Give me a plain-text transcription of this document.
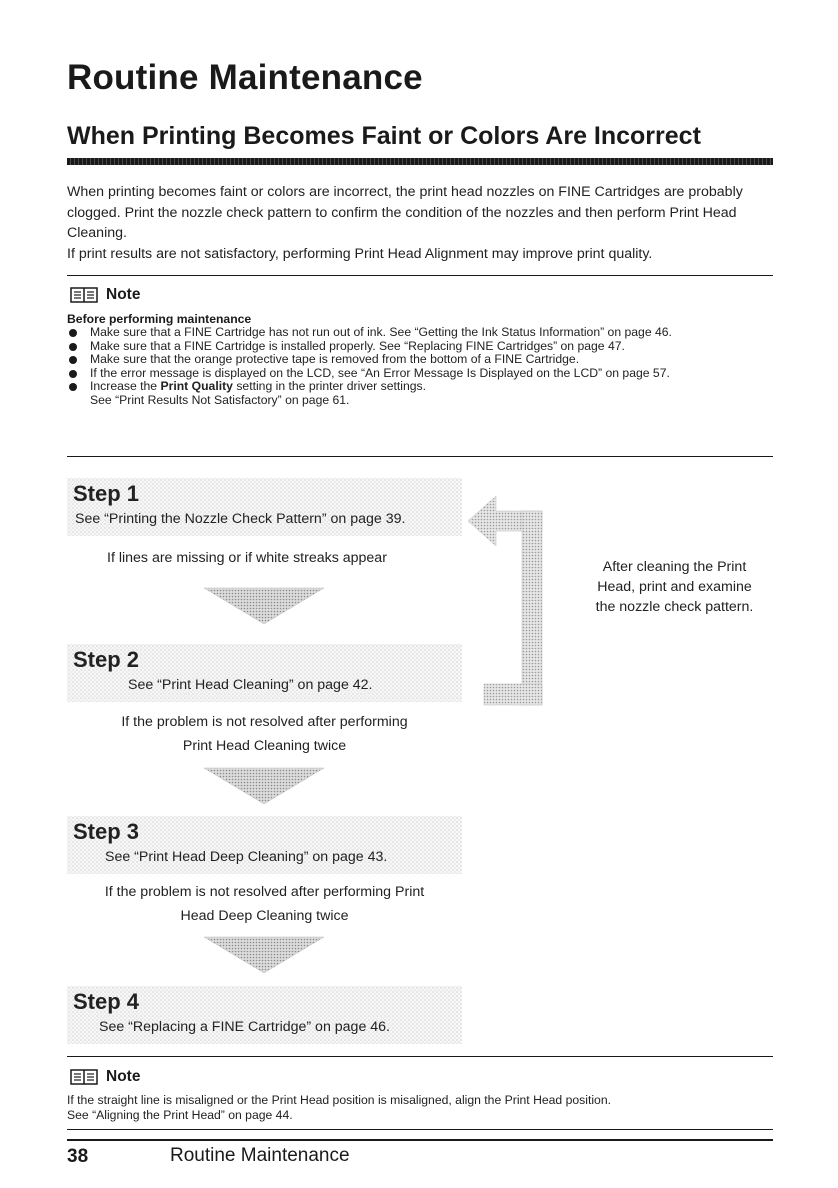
Routine Maintenance
When Printing Becomes Faint or Colors Are Incorrect

When printing becomes faint or colors are incorrect, the print head nozzles on FINE Cartridges are probably clogged. Print the nozzle check pattern to confirm the condition of the nozzles and then perform Print Head Cleaning.

If print results are not satisfactory, performing Print Head Alignment may improve print quality.

Note
Before performing maintenance
Make sure that a FINE Cartridge has not run out of ink. See “Getting the Ink Status Information” on page 46.
Make sure that a FINE Cartridge is installed properly. See “Replacing FINE Cartridges” on page 47.
Make sure that the orange protective tape is removed from the bottom of a FINE Cartridge.
If the error message is displayed on the LCD, see “An Error Message Is Displayed on the LCD” on page 57.
Increase the Print Quality setting in the printer driver settings.
See “Print Results Not Satisfactory” on page 61.
Step 1
See “Printing the Nozzle Check Pattern” on page 39.
If lines are missing or if white streaks appear
Step 2
See “Print Head Cleaning” on page 42.
If the problem is not resolved after performing
Print Head Cleaning twice
Step 3
See “Print Head Deep Cleaning” on page 43.
If the problem is not resolved after performing Print
Head Deep Cleaning twice
Step 4
See “Replacing a FINE Cartridge” on page 46.
After cleaning the Print
Head, print and examine
the nozzle check pattern.
Note
If the straight line is misaligned or the Print Head position is misaligned, align the Print Head position.
See “Aligning the Print Head” on page 44.
38	Routine Maintenance
